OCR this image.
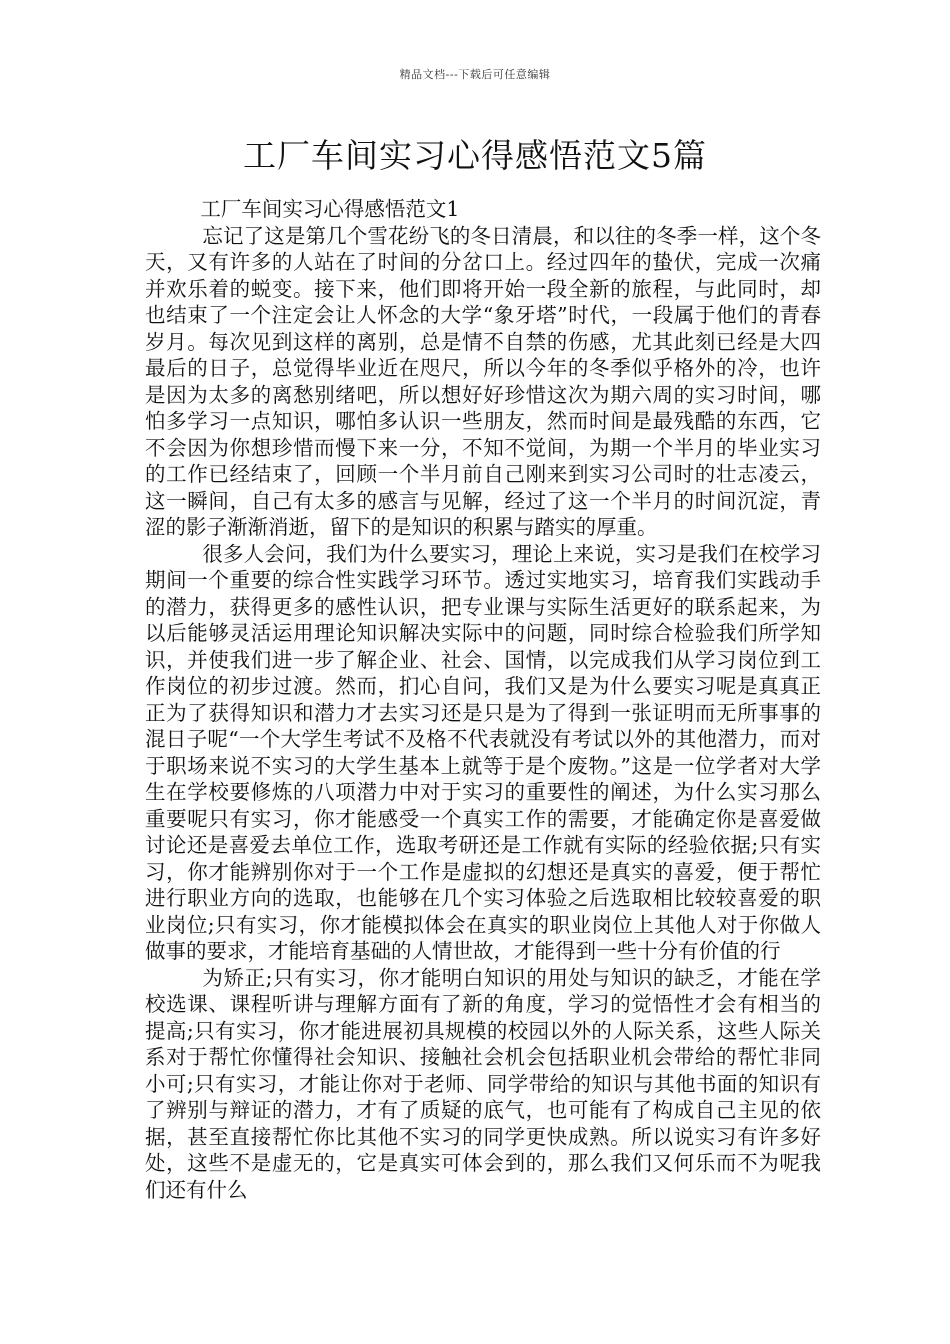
精品文档---下载后可任意编辑
工厂车间实习心得感悟范文5篇

工厂车间实习心得感悟范文1

忘记了这是第几个雪花纷飞的冬日清晨，和以往的冬季一样，这个冬天，又有许多的人站在了时间的分岔口上。经过四年的蛰伏，完成一次痛并欢乐着的蜕变。接下来，他们即将开始一段全新的旅程，与此同时，却也结束了一个注定会让人怀念的大学“象牙塔”时代，一段属于他们的青春岁月。每次见到这样的离别，总是情不自禁的伤感，尤其此刻已经是大四最后的日子，总觉得毕业近在咫尺，所以今年的冬季似乎格外的冷，也许是因为太多的离愁别绪吧，所以想好好珍惜这次为期六周的实习时间，哪怕多学习一点知识，哪怕多认识一些朋友，然而时间是最残酷的东西，它不会因为你想珍惜而慢下来一分，不知不觉间，为期一个半月的毕业实习的工作已经结束了，回顾一个半月前自己刚来到实习公司时的壮志凌云，这一瞬间，自己有太多的感言与见解，经过了这一个半月的时间沉淀，青涩的影子渐渐消逝，留下的是知识的积累与踏实的厚重。

很多人会问，我们为什么要实习，理论上来说，实习是我们在校学习期间一个重要的综合性实践学习环节。透过实地实习，培育我们实践动手的潜力，获得更多的感性认识，把专业课与实际生活更好的联系起来，为以后能够灵活运用理论知识解决实际中的问题，同时综合检验我们所学知识，并使我们进一步了解企业、社会、国情，以完成我们从学习岗位到工作岗位的初步过渡。然而，扪心自问，我们又是为什么要实习呢是真真正正为了获得知识和潜力才去实习还是只是为了得到一张证明而无所事事的混日子呢“一个大学生考试不及格不代表就没有考试以外的其他潜力，而对于职场来说不实习的大学生基本上就等于是个废物。”这是一位学者对大学生在学校要修炼的八项潜力中对于实习的重要性的阐述，为什么实习那么重要呢只有实习，你才能感受一个真实工作的需要，才能确定你是喜爱做讨论还是喜爱去单位工作，选取考研还是工作就有实际的经验依据;只有实习，你才能辨别你对于一个工作是虚拟的幻想还是真实的喜爱，便于帮忙进行职业方向的选取，也能够在几个实习体验之后选取相比较较喜爱的职业岗位;只有实习，你才能模拟体会在真实的职业岗位上其他人对于你做人做事的要求，才能培育基础的人情世故，才能得到一些十分有价值的行

为矫正;只有实习，你才能明白知识的用处与知识的缺乏，才能在学校选课、课程听讲与理解方面有了新的角度，学习的觉悟性才会有相当的提高;只有实习，你才能进展初具规模的校园以外的人际关系，这些人际关系对于帮忙你懂得社会知识、接触社会机会包括职业机会带给的帮忙非同小可;只有实习，才能让你对于老师、同学带给的知识与其他书面的知识有了辨别与辩证的潜力，才有了质疑的底气，也可能有了构成自己主见的依据，甚至直接帮忙你比其他不实习的同学更快成熟。所以说实习有许多好处，这些不是虚无的，它是真实可体会到的，那么我们又何乐而不为呢我们还有什么
